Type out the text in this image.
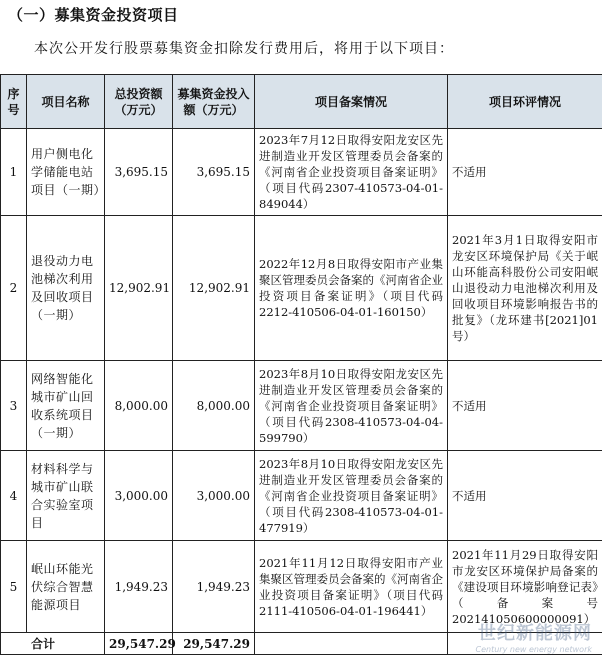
（一）募集资金投资项目
本次公开发行股票募集资金扣除发行费用后，将用于以下项目：
序号	项目名称	总投资额（万元）	募集资金投入额（万元）	项目备案情况	项目环评情况
1	用户侧电化学储能电站项目（一期）	3,695.15	3,695.15	2023年7月12日取得安阳龙安区先进制造业开发区管理委员会备案的《河南省企业投资项目备案证明》（项目代码2307-410573-04-01-849044）	不适用
2	退役动力电池梯次利用及回收项目（一期）	12,902.91	12,902.91	2022年12月8日取得安阳市产业集聚区管理委员会备案的《河南省企业投资项目备案证明》（项目代码2212-410506-04-01-160150）	2021年3月1日取得安阳市龙安区环境保护局《关于岷山环能高科股份公司安阳岷山退役动力电池梯次利用及回收项目环境影响报告书的批复》（龙环建书[2021]01号）
3	网络智能化城市矿山回收系统项目（一期）	8,000.00	8,000.00	2023年8月10日取得安阳龙安区先进制造业开发区管理委员会备案的《河南省企业投资项目备案证明》（项目代码2308-410573-04-04-599790）	不适用
4	材料科学与城市矿山联合实验室项目	3,000.00	3,000.00	2023年8月10日取得安阳龙安区先进制造业开发区管理委员会备案的《河南省企业投资项目备案证明》（项目代码2308-410573-04-01-477919）	不适用
5	岷山环能光伏综合智慧能源项目	1,949.23	1,949.23	2021年11月12日取得安阳市产业集聚区管理委员会备案的《河南省企业投资项目备案证明》（项目代码2111-410506-04-01-196441）	2021年11月29日取得安阳市龙安区环境保护局备案的《建设项目环境影响登记表》（备案号202141050600000091）
合计		29,547.29	29,547.29			世纪新能源网
Century new energy network
